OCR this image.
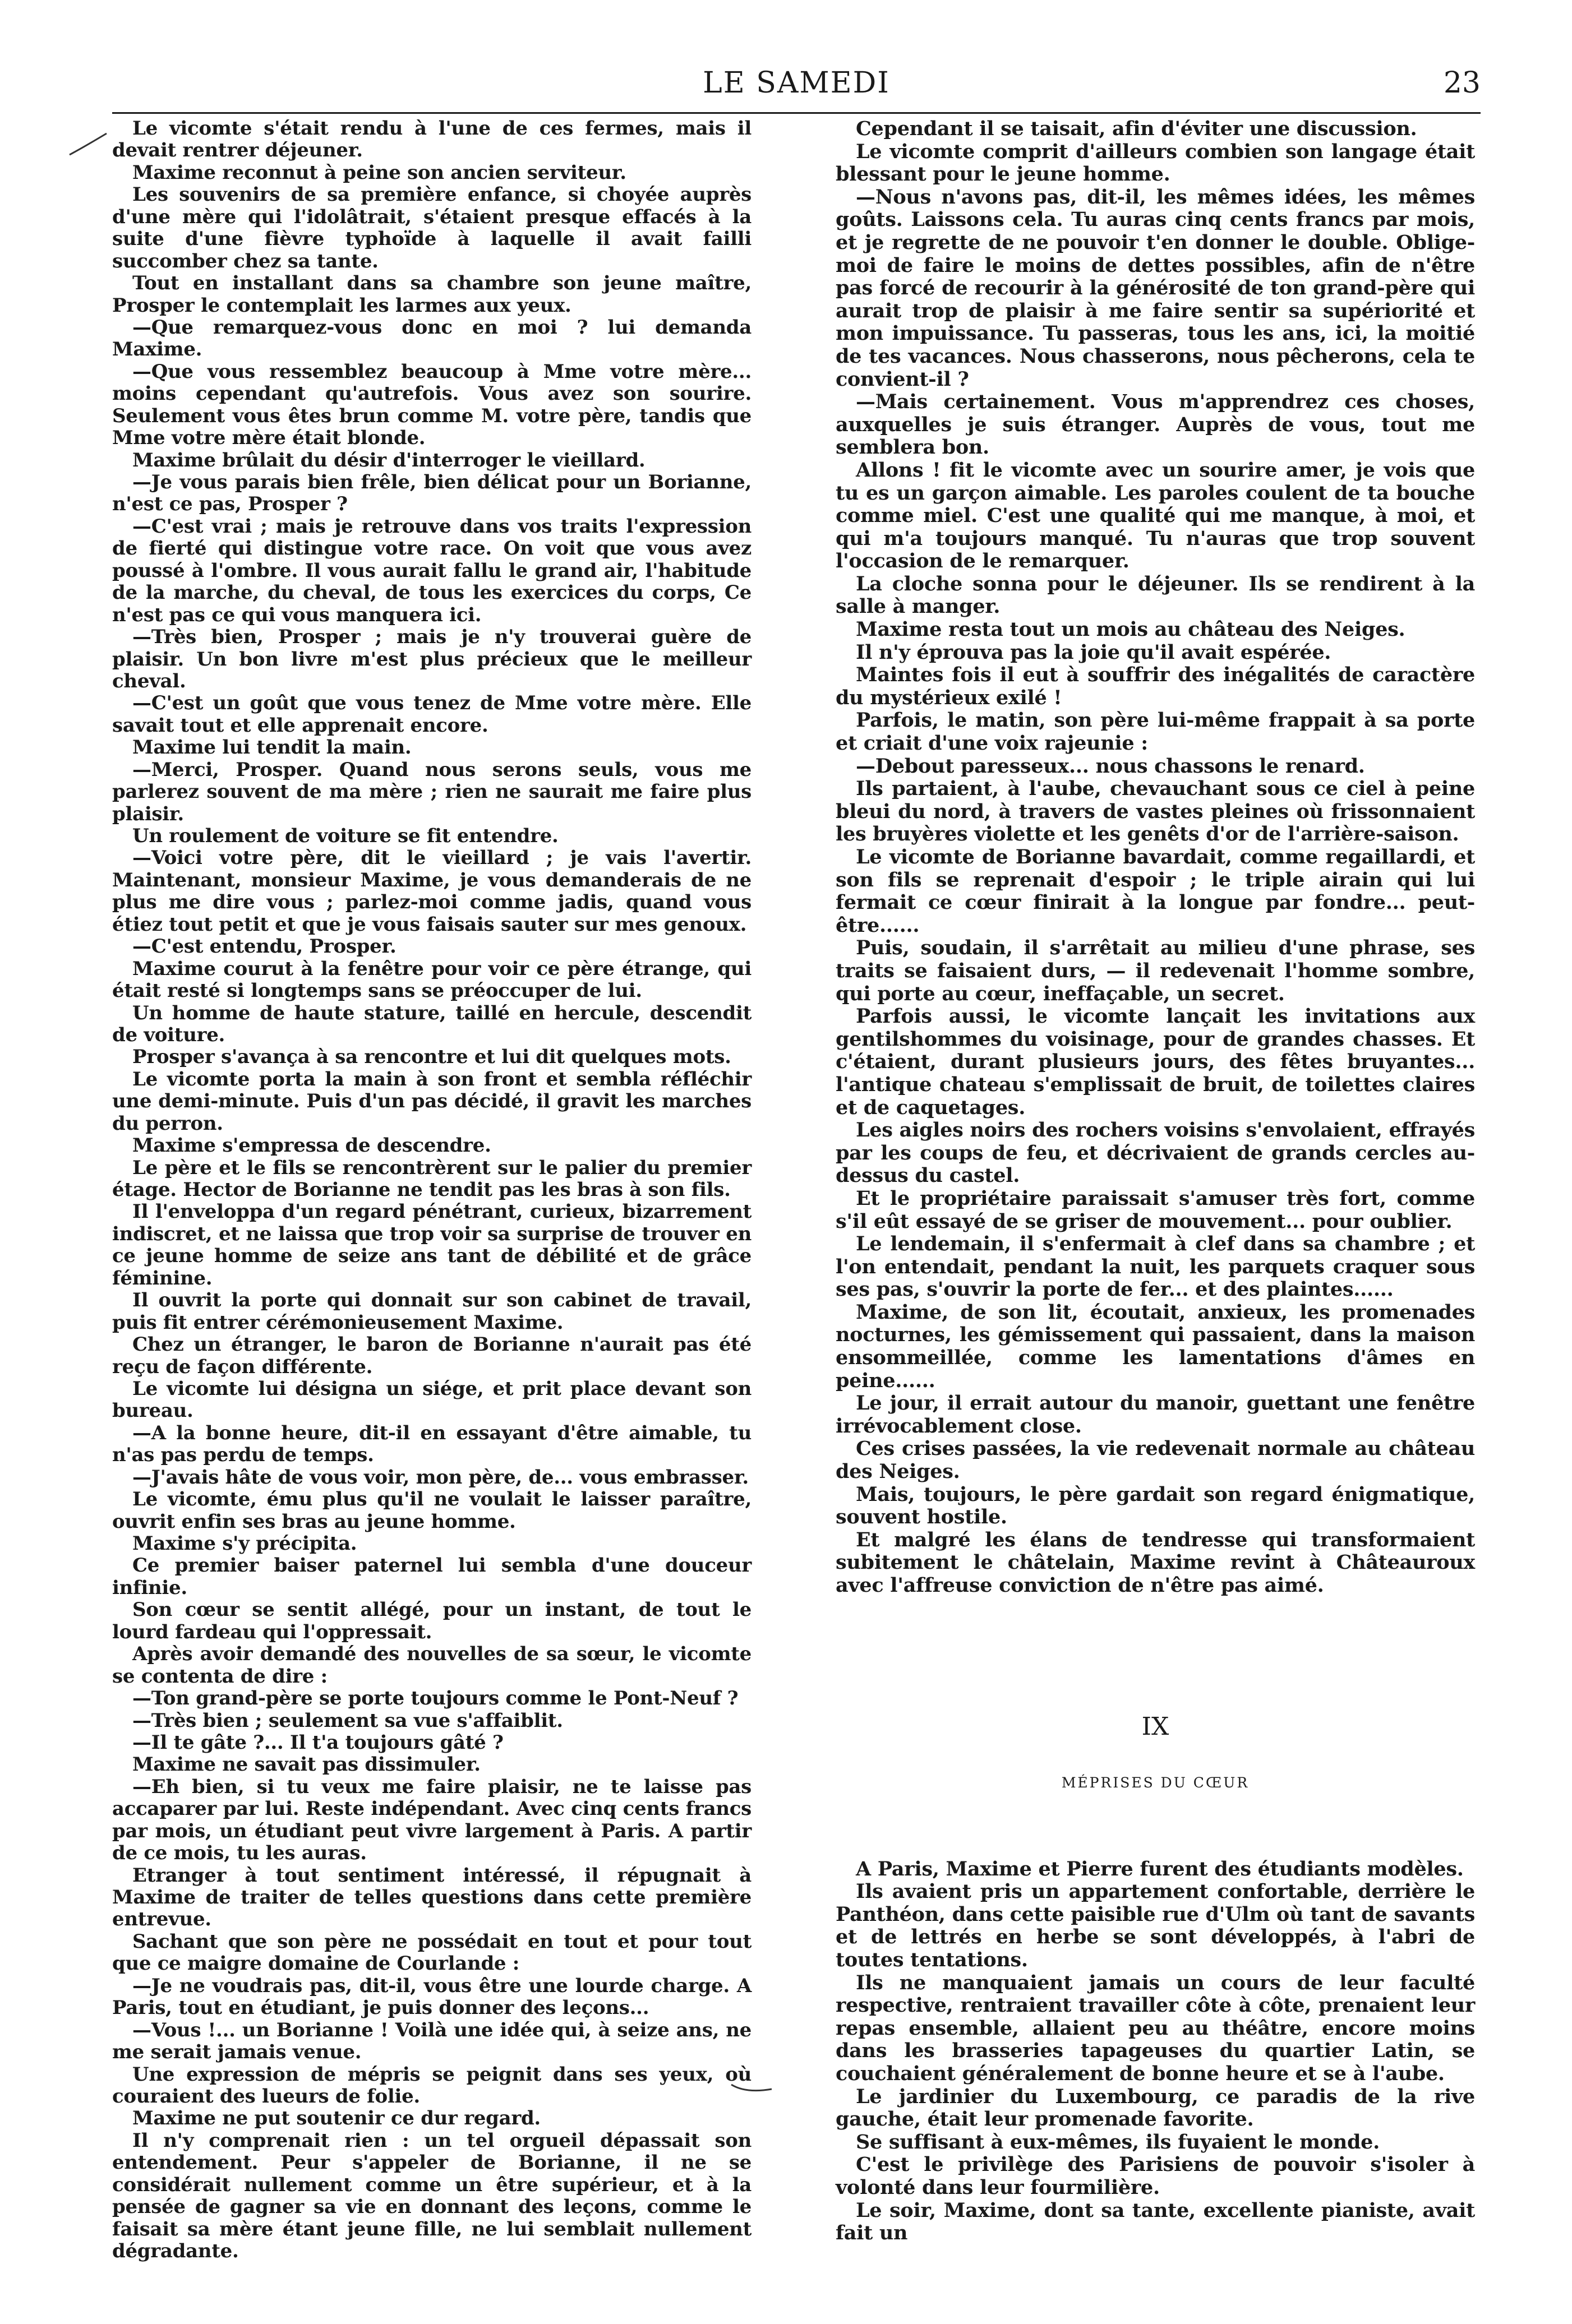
LE SAMEDI	23

Le vicomte s'était rendu à l'une de ces fermes, mais il devait rentrer déjeuner.

Maxime reconnut à peine son ancien serviteur.

Les souvenirs de sa première enfance, si choyée auprès d'une mère qui l'idolâtrait, s'étaient presque effacés à la suite d'une fièvre typhoïde à laquelle il avait failli succomber chez sa tante.

Tout en installant dans sa chambre son jeune maître, Prosper le contemplait les larmes aux yeux.

—Que remarquez-vous donc en moi ? lui demanda Maxime.

—Que vous ressemblez beaucoup à Mme votre mère... moins cependant qu'autrefois. Vous avez son sourire. Seulement vous êtes brun comme M. votre père, tandis que Mme votre mère était blonde.

Maxime brûlait du désir d'interroger le vieillard.

—Je vous parais bien frêle, bien délicat pour un Borianne, n'est ce pas, Prosper ?

—C'est vrai ; mais je retrouve dans vos traits l'expression de fierté qui distingue votre race. On voit que vous avez poussé à l'ombre. Il vous aurait fallu le grand air, l'habitude de la marche, du cheval, de tous les exercices du corps, Ce n'est pas ce qui vous manquera ici.

—Très bien, Prosper ; mais je n'y trouverai guère de plaisir. Un bon livre m'est plus précieux que le meilleur cheval.

—C'est un goût que vous tenez de Mme votre mère. Elle savait tout et elle apprenait encore.

Maxime lui tendit la main.

—Merci, Prosper. Quand nous serons seuls, vous me parlerez souvent de ma mère ; rien ne saurait me faire plus plaisir.

Un roulement de voiture se fit entendre.

—Voici votre père, dit le vieillard ; je vais l'avertir. Maintenant, monsieur Maxime, je vous demanderais de ne plus me dire vous ; parlez-moi comme jadis, quand vous étiez tout petit et que je vous faisais sauter sur mes genoux.

—C'est entendu, Prosper.

Maxime courut à la fenêtre pour voir ce père étrange, qui était resté si longtemps sans se préoccuper de lui.

Un homme de haute stature, taillé en hercule, descendit de voiture.

Prosper s'avança à sa rencontre et lui dit quelques mots.

Le vicomte porta la main à son front et sembla réfléchir une demi-minute. Puis d'un pas décidé, il gravit les marches du perron.

Maxime s'empressa de descendre.

Le père et le fils se rencontrèrent sur le palier du premier étage. Hector de Borianne ne tendit pas les bras à son fils.

Il l'enveloppa d'un regard pénétrant, curieux, bizarrement indiscret, et ne laissa que trop voir sa surprise de trouver en ce jeune homme de seize ans tant de débilité et de grâce féminine.

Il ouvrit la porte qui donnait sur son cabinet de travail, puis fit entrer cérémonieusement Maxime.

Chez un étranger, le baron de Borianne n'aurait pas été reçu de façon différente.

Le vicomte lui désigna un siége, et prit place devant son bureau.

—A la bonne heure, dit-il en essayant d'être aimable, tu n'as pas perdu de temps.

—J'avais hâte de vous voir, mon père, de... vous embrasser.

Le vicomte, ému plus qu'il ne voulait le laisser paraître, ouvrit enfin ses bras au jeune homme.

Maxime s'y précipita.

Ce premier baiser paternel lui sembla d'une douceur infinie.

Son cœur se sentit allégé, pour un instant, de tout le lourd fardeau qui l'oppressait.

Après avoir demandé des nouvelles de sa sœur, le vicomte se contenta de dire :

—Ton grand-père se porte toujours comme le Pont-Neuf ?

—Très bien ; seulement sa vue s'affaiblit.

—Il te gâte ?... Il t'a toujours gâté ?

Maxime ne savait pas dissimuler.

—Eh bien, si tu veux me faire plaisir, ne te laisse pas accaparer par lui. Reste indépendant. Avec cinq cents francs par mois, un étudiant peut vivre largement à Paris. A partir de ce mois, tu les auras.

Etranger à tout sentiment intéressé, il répugnait à Maxime de traiter de telles questions dans cette première entrevue.

Sachant que son père ne possédait en tout et pour tout que ce maigre domaine de Courlande :

—Je ne voudrais pas, dit-il, vous être une lourde charge. A Paris, tout en étudiant, je puis donner des leçons...

—Vous !... un Borianne ! Voilà une idée qui, à seize ans, ne me serait jamais venue.

Une expression de mépris se peignit dans ses yeux, où couraient des lueurs de folie.

Maxime ne put soutenir ce dur regard.

Il n'y comprenait rien : un tel orgueil dépassait son entendement. Peur s'appeler de Borianne, il ne se considérait nullement comme un être supérieur, et à la pensée de gagner sa vie en donnant des leçons, comme le faisait sa mère étant jeune fille, ne lui semblait nullement dégradante.

Cependant il se taisait, afin d'éviter une discussion.

Le vicomte comprit d'ailleurs combien son langage était blessant pour le jeune homme.

—Nous n'avons pas, dit-il, les mêmes idées, les mêmes goûts. Laissons cela. Tu auras cinq cents francs par mois, et je regrette de ne pouvoir t'en donner le double. Oblige-moi de faire le moins de dettes possibles, afin de n'être pas forcé de recourir à la générosité de ton grand-père qui aurait trop de plaisir à me faire sentir sa supériorité et mon impuissance. Tu passeras, tous les ans, ici, la moitié de tes vacances. Nous chasserons, nous pêcherons, cela te convient-il ?

—Mais certainement. Vous m'apprendrez ces choses, auxquelles je suis étranger. Auprès de vous, tout me semblera bon.

Allons ! fit le vicomte avec un sourire amer, je vois que tu es un garçon aimable. Les paroles coulent de ta bouche comme miel. C'est une qualité qui me manque, à moi, et qui m'a toujours manqué. Tu n'auras que trop souvent l'occasion de le remarquer.

La cloche sonna pour le déjeuner. Ils se rendirent à la salle à manger.

Maxime resta tout un mois au château des Neiges.

Il n'y éprouva pas la joie qu'il avait espérée.

Maintes fois il eut à souffrir des inégalités de caractère du mystérieux exilé !

Parfois, le matin, son père lui-même frappait à sa porte et criait d'une voix rajeunie :

—Debout paresseux... nous chassons le renard.

Ils partaient, à l'aube, chevauchant sous ce ciel à peine bleui du nord, à travers de vastes pleines où frissonnaient les bruyères violette et les genêts d'or de l'arrière-saison.

Le vicomte de Borianne bavardait, comme regaillardi, et son fils se reprenait d'espoir ; le triple airain qui lui fermait ce cœur finirait à la longue par fondre... peut-être......

Puis, soudain, il s'arrêtait au milieu d'une phrase, ses traits se faisaient durs, — il redevenait l'homme sombre, qui porte au cœur, ineffaçable, un secret.

Parfois aussi, le vicomte lançait les invitations aux gentilshommes du voisinage, pour de grandes chasses. Et c'étaient, durant plusieurs jours, des fêtes bruyantes... l'antique chateau s'emplissait de bruit, de toilettes claires et de caquetages.

Les aigles noirs des rochers voisins s'envolaient, effrayés par les coups de feu, et décrivaient de grands cercles au-dessus du castel.

Et le propriétaire paraissait s'amuser très fort, comme s'il eût essayé de se griser de mouvement... pour oublier.

Le lendemain, il s'enfermait à clef dans sa chambre ; et l'on entendait, pendant la nuit, les parquets craquer sous ses pas, s'ouvrir la porte de fer... et des plaintes......

Maxime, de son lit, écoutait, anxieux, les promenades nocturnes, les gémissement qui passaient, dans la maison ensommeillée, comme les lamentations d'âmes en peine......

Le jour, il errait autour du manoir, guettant une fenêtre irrévocablement close.

Ces crises passées, la vie redevenait normale au château des Neiges.

Mais, toujours, le père gardait son regard énigmatique, souvent hostile.

Et malgré les élans de tendresse qui transformaient subitement le châtelain, Maxime revint à Châteauroux avec l'affreuse conviction de n'être pas aimé.

IX
MÉPRISES DU CŒUR

A Paris, Maxime et Pierre furent des étudiants modèles.

Ils avaient pris un appartement confortable, derrière le Panthéon, dans cette paisible rue d'Ulm où tant de savants et de lettrés en herbe se sont développés, à l'abri de toutes tentations.

Ils ne manquaient jamais un cours de leur faculté respective, rentraient travailler côte à côte, prenaient leur repas ensemble, allaient peu au théâtre, encore moins dans les brasseries tapageuses du quartier Latin, se couchaient généralement de bonne heure et se à l'aube.

Le jardinier du Luxembourg, ce paradis de la rive gauche, était leur promenade favorite.

Se suffisant à eux-mêmes, ils fuyaient le monde.

C'est le privilège des Parisiens de pouvoir s'isoler à volonté dans leur fourmilière.

Le soir, Maxime, dont sa tante, excellente pianiste, avait fait un
